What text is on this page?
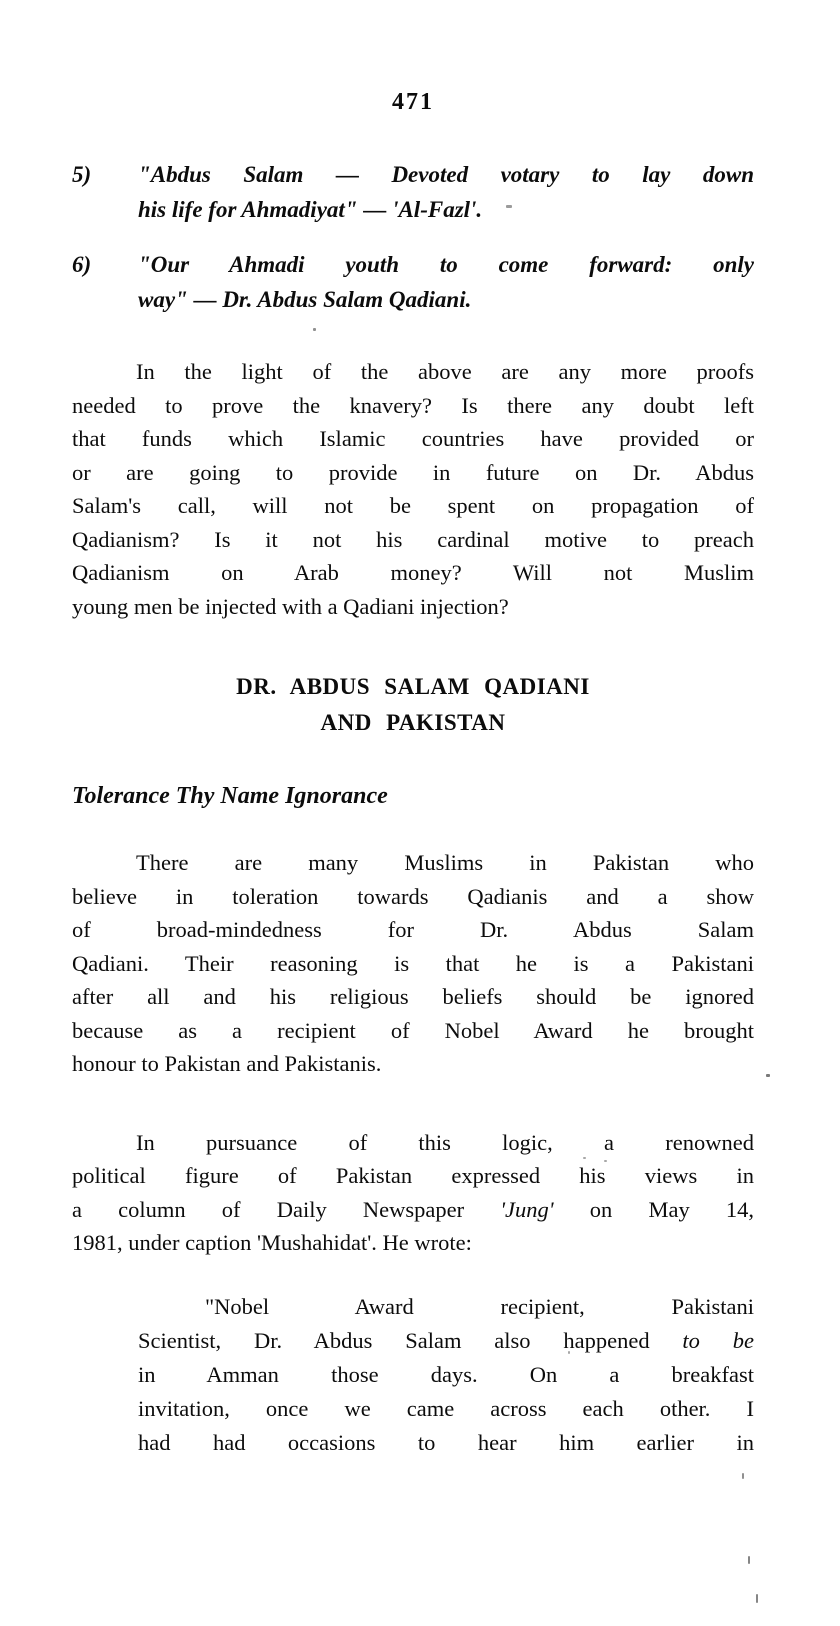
471
5)	"Abdus Salam — Devoted votary to lay down
his life for Ahmadiyat" — 'Al-Fazl'.
6)	"Our Ahmadi youth to come forward: only
way" — Dr. Abdus Salam Qadiani.
In the light of the above are any more proofs
needed to prove the knavery? Is there any doubt left
that funds which Islamic countries have provided or
or are going to provide in future on Dr. Abdus
Salam's call, will not be spent on propagation of
Qadianism? Is it not his cardinal motive to preach
Qadianism on Arab money? Will not Muslim
young men be injected with a Qadiani injection?
DR. ABDUS SALAM QADIANI
AND PAKISTAN
Tolerance Thy Name Ignorance
There are many Muslims in Pakistan who
believe in toleration towards Qadianis and a show
of broad-mindedness for Dr. Abdus Salam
Qadiani. Their reasoning is that he is a Pakistani
after all and his religious beliefs should be ignored
because as a recipient of Nobel Award he brought
honour to Pakistan and Pakistanis.
In pursuance of this logic, a renowned
political figure of Pakistan expressed his views in
a column of Daily Newspaper 'Jung' on May 14,
1981, under caption 'Mushahidat'. He wrote:
"Nobel Award recipient, Pakistani
Scientist, Dr. Abdus Salam also happened to be
in Amman those days. On a breakfast
invitation, once we came across each other. I
had had occasions to hear him earlier in
